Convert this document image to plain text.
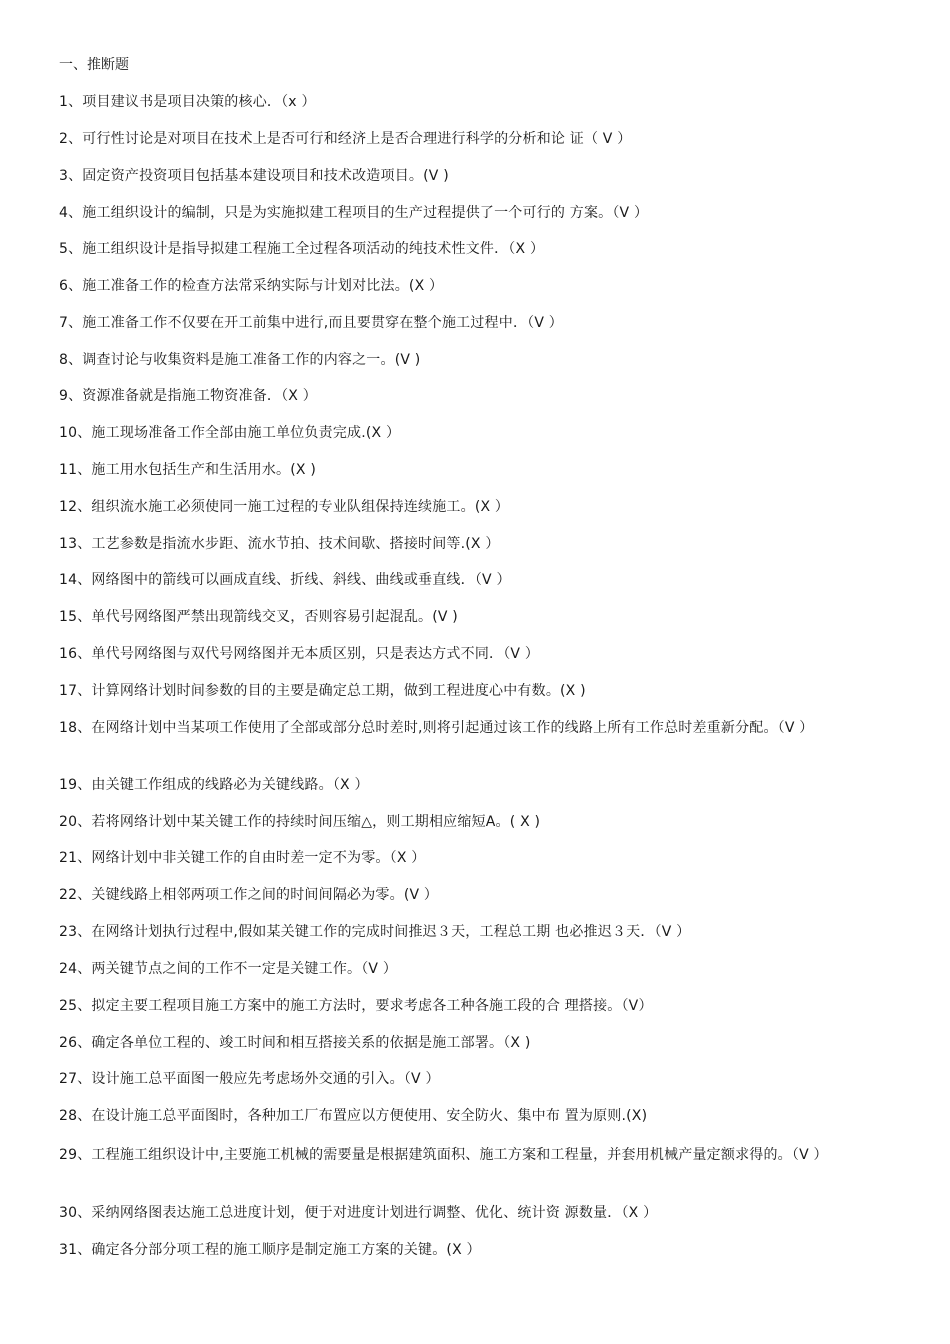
一、推断题
1、项目建议书是项目决策的核心．（x ）
2、可行性讨论是对项目在技术上是否可行和经济上是否合理进行科学的分析和论 证（ V ）
3、固定资产投资项目包括基本建设项目和技术改造项目。(V )
4、施工组织设计的编制，只是为实施拟建工程项目的生产过程提供了一个可行的 方案。（V ）
5、施工组织设计是指导拟建工程施工全过程各项活动的纯技术性文件．（X ）
6、施工准备工作的检查方法常采纳实际与计划对比法。(X ）
7、施工准备工作不仅要在开工前集中进行,而且要贯穿在整个施工过程中．（V ）
8、调查讨论与收集资料是施工准备工作的内容之一。(V )
9、资源准备就是指施工物资准备．（X ）
10、施工现场准备工作全部由施工单位负责完成.(X ）
11、施工用水包括生产和生活用水。(X )
12、组织流水施工必须使同一施工过程的专业队组保持连续施工。(X ）
13、工艺参数是指流水步距、流水节拍、技术间歇、搭接时间等.(X ）
14、网络图中的箭线可以画成直线、折线、斜线、曲线或垂直线．（V ）
15、单代号网络图严禁出现箭线交叉，否则容易引起混乱。(V )
16、单代号网络图与双代号网络图并无本质区别，只是表达方式不同．（V ）
17、计算网络计划时间参数的目的主要是确定总工期，做到工程进度心中有数。(X )
18、在网络计划中当某项工作使用了全部或部分总时差时,则将引起通过该工作的线路上所有工作总时差重新分配。（V ）
19、由关键工作组成的线路必为关键线路。（X ）
20、若将网络计划中某关键工作的持续时间压缩△，则工期相应缩短A。( X )
21、网络计划中非关键工作的自由时差一定不为零。（X ）
22、关键线路上相邻两项工作之间的时间间隔必为零。(V ）
23、在网络计划执行过程中,假如某关键工作的完成时间推迟３天，工程总工期 也必推迟３天．（V ）
24、两关键节点之间的工作不一定是关键工作。（V ）
25、拟定主要工程项目施工方案中的施工方法时，要求考虑各工种各施工段的合 理搭接。（V）
26、确定各单位工程的、竣工时间和相互搭接关系的依据是施工部署。（X )
27、设计施工总平面图一般应先考虑场外交通的引入。（V ）
28、在设计施工总平面图时，各种加工厂布置应以方便使用、安全防火、集中布 置为原则.(X)
29、工程施工组织设计中,主要施工机械的需要量是根据建筑面积、施工方案和工程量，并套用机械产量定额求得的。（V ）
30、采纳网络图表达施工总进度计划，便于对进度计划进行调整、优化、统计资 源数量．（X ）
31、确定各分部分项工程的施工顺序是制定施工方案的关键。(X ）
